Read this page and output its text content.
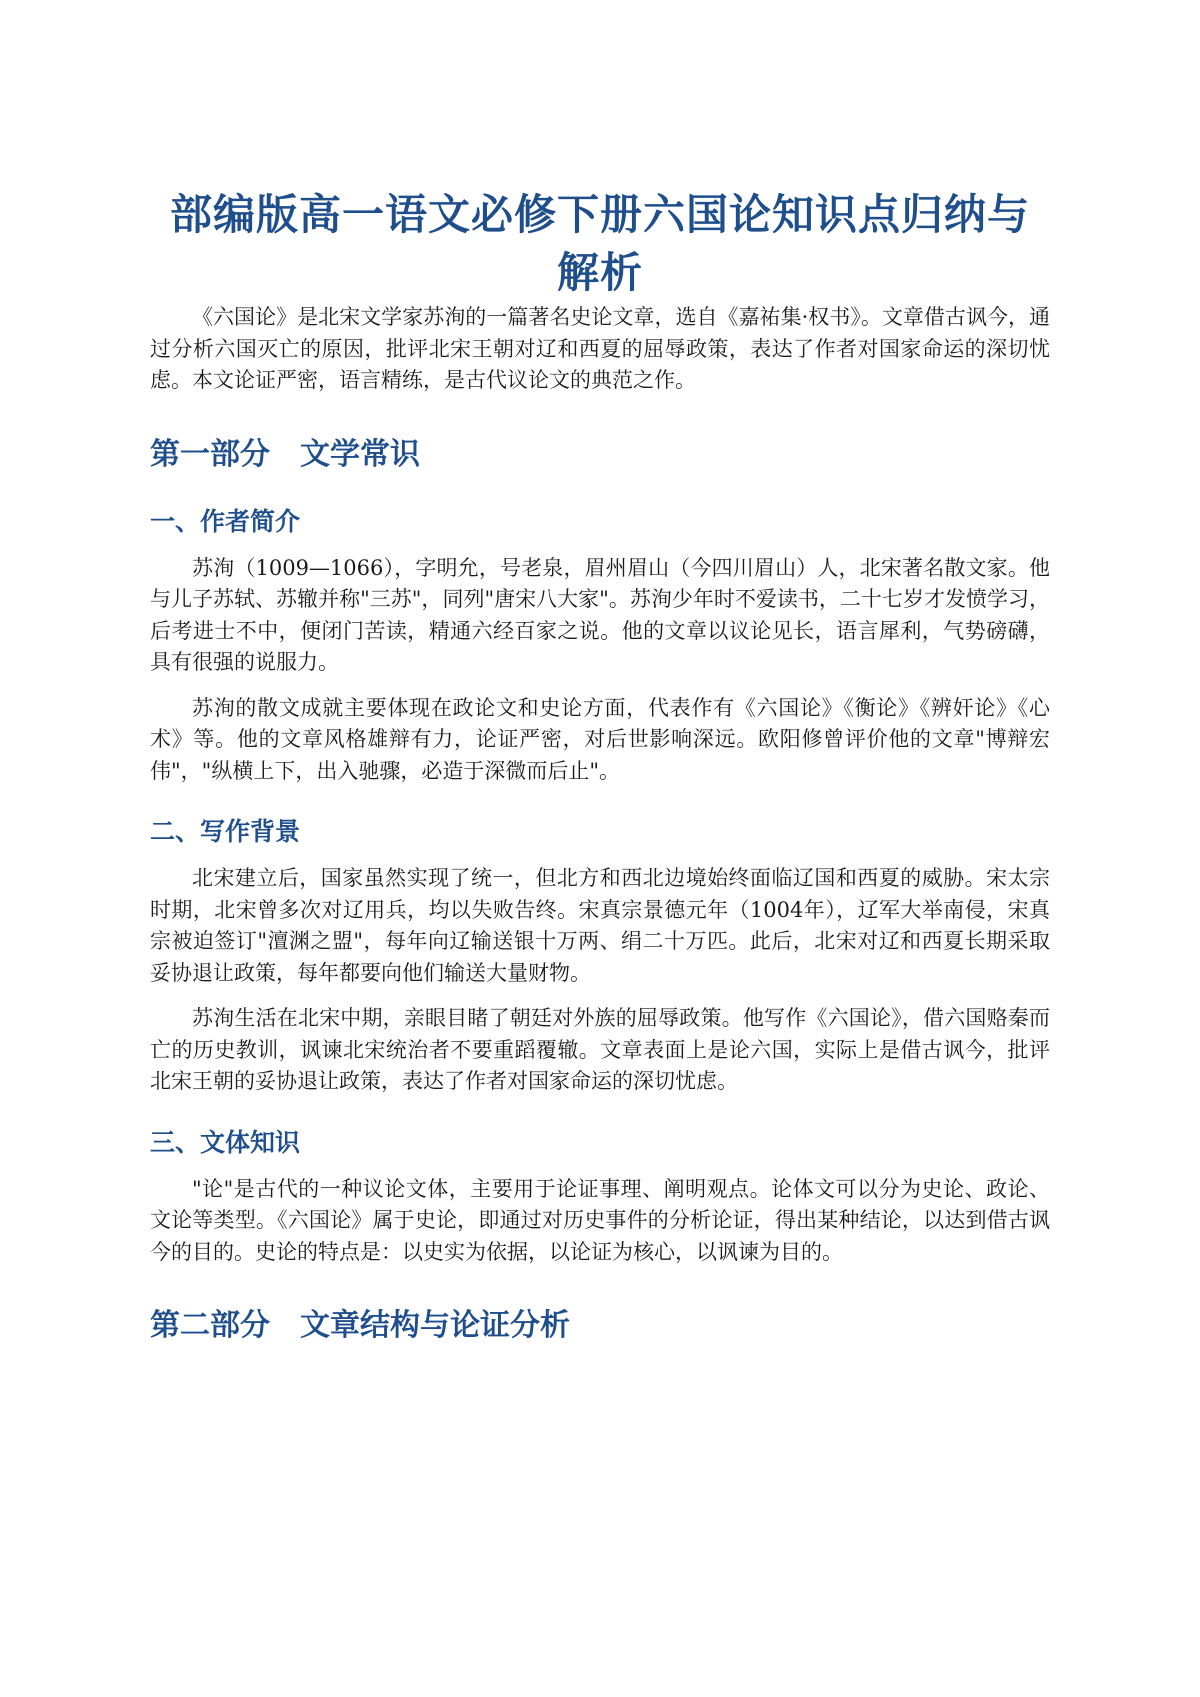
部编版高一语文必修下册六国论知识点归纳与解析

《六国论》是北宋文学家苏洵的一篇著名史论文章，选自《嘉祐集·权书》。文章借古讽今，通过分析六国灭亡的原因，批评北宋王朝对辽和西夏的屈辱政策，表达了作者对国家命运的深切忧虑。本文论证严密，语言精练，是古代议论文的典范之作。

第一部分　文学常识
一、作者简介

苏洵（1009—1066），字明允，号老泉，眉州眉山（今四川眉山）人，北宋著名散文家。他与儿子苏轼、苏辙并称"三苏"，同列"唐宋八大家"。苏洵少年时不爱读书，二十七岁才发愤学习，后考进士不中，便闭门苦读，精通六经百家之说。他的文章以议论见长，语言犀利，气势磅礴，具有很强的说服力。

苏洵的散文成就主要体现在政论文和史论方面，代表作有《六国论》《衡论》《辨奸论》《心术》等。他的文章风格雄辩有力，论证严密，对后世影响深远。欧阳修曾评价他的文章"博辩宏伟"，"纵横上下，出入驰骤，必造于深微而后止"。

二、写作背景

北宋建立后，国家虽然实现了统一，但北方和西北边境始终面临辽国和西夏的威胁。宋太宗时期，北宋曾多次对辽用兵，均以失败告终。宋真宗景德元年（1004年），辽军大举南侵，宋真宗被迫签订"澶渊之盟"，每年向辽输送银十万两、绢二十万匹。此后，北宋对辽和西夏长期采取妥协退让政策，每年都要向他们输送大量财物。

苏洵生活在北宋中期，亲眼目睹了朝廷对外族的屈辱政策。他写作《六国论》，借六国赂秦而亡的历史教训，讽谏北宋统治者不要重蹈覆辙。文章表面上是论六国，实际上是借古讽今，批评北宋王朝的妥协退让政策，表达了作者对国家命运的深切忧虑。

三、文体知识

"论"是古代的一种议论文体，主要用于论证事理、阐明观点。论体文可以分为史论、政论、文论等类型。《六国论》属于史论，即通过对历史事件的分析论证，得出某种结论，以达到借古讽今的目的。史论的特点是：以史实为依据，以论证为核心，以讽谏为目的。

第二部分　文章结构与论证分析
